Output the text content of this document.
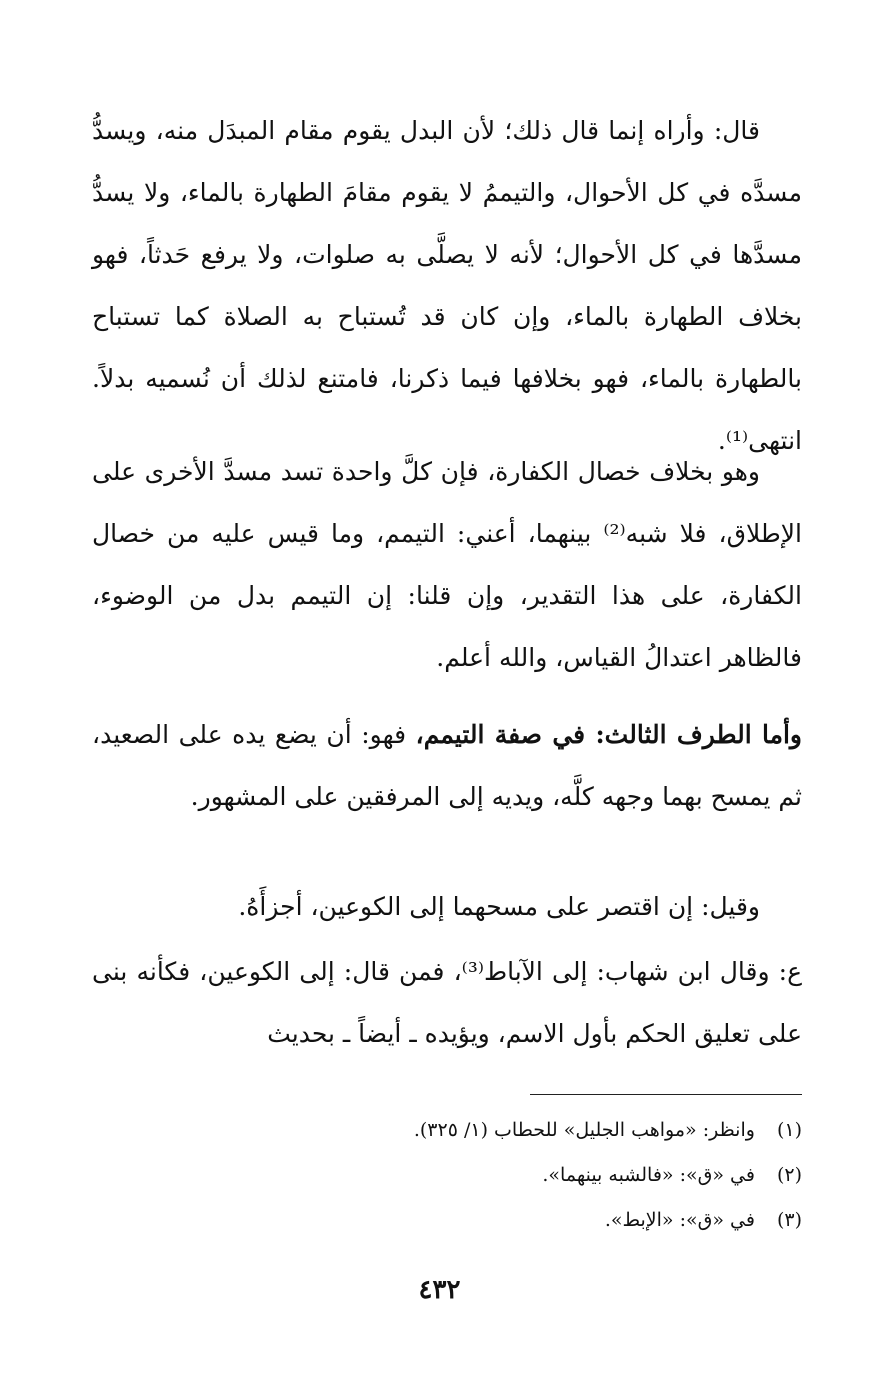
قال: وأراه إنما قال ذلك؛ لأن البدل يقوم مقام المبدَل منه، ويسدُّ مسدَّه في كل الأحوال، والتيممُ لا يقوم مقامَ الطهارة بالماء، ولا يسدُّ مسدَّها في كل الأحوال؛ لأنه لا يصلَّى به صلوات، ولا يرفع حَدثاً، فهو بخلاف الطهارة بالماء، وإن كان قد تُستباح به الصلاة كما تستباح بالطهارة بالماء، فهو بخلافها فيما ذكرنا، فامتنع لذلك أن نُسميه بدلاً. انتهى⁽¹⁾.

وهو بخلاف خصال الكفارة، فإن كلَّ واحدة تسد مسدَّ الأخرى على الإطلاق، فلا شبه⁽²⁾ بينهما، أعني: التيمم، وما قيس عليه من خصال الكفارة، على هذا التقدير، وإن قلنا: إن التيمم بدل من الوضوء، فالظاهر اعتدالُ القياس، والله أعلم.

وأما الطرف الثالث: في صفة التيمم، فهو: أن يضع يده على الصعيد، ثم يمسح بهما وجهه كلَّه، ويديه إلى المرفقين على المشهور.

وقيل: إن اقتصر على مسحهما إلى الكوعين، أجزأَهُ.

ع: وقال ابن شهاب: إلى الآباط⁽³⁾، فمن قال: إلى الكوعين، فكأنه بنى على تعليق الحكم بأول الاسم، ويؤيده ـ أيضاً ـ بحديث

(١)
وانظر: «مواهب الجليل» للحطاب (١/ ٣٢٥).
(٢)
في «ق»: «فالشبه بينهما».
(٣)
في «ق»: «الإبط».
٤٣٢
